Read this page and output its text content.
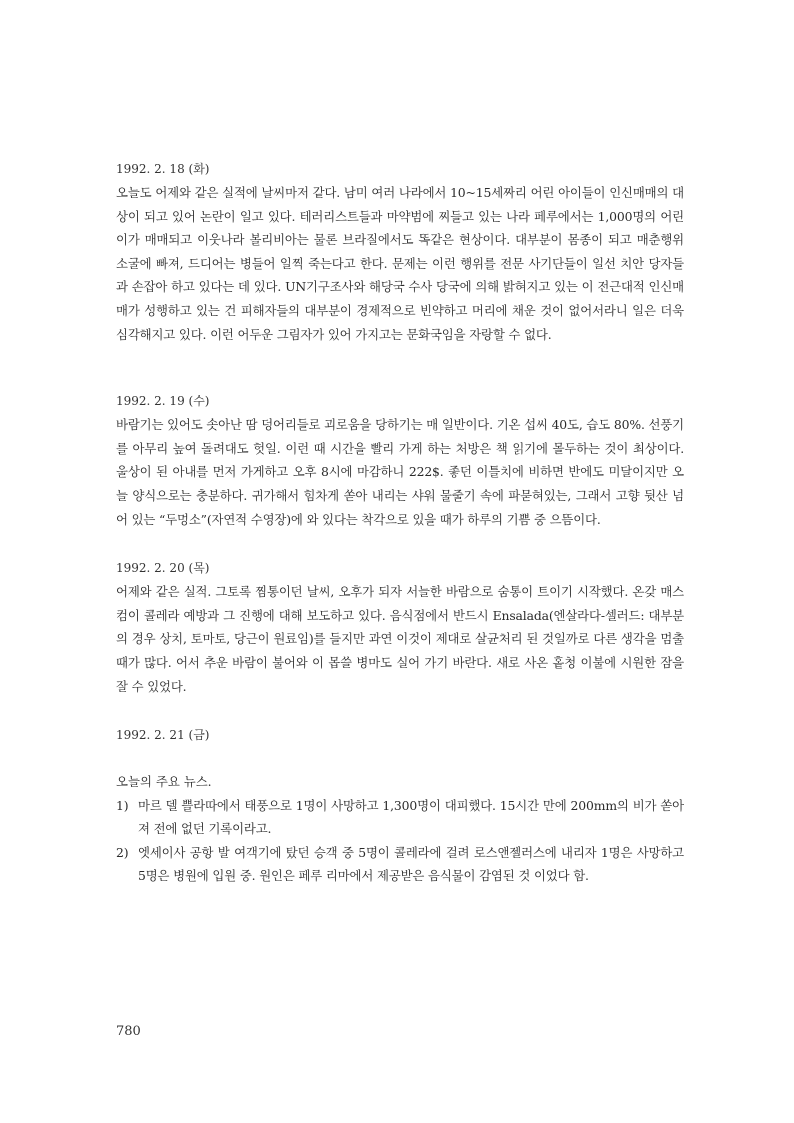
1992. 2. 18 (화)

오늘도 어제와 같은 실적에 날씨마저 같다. 남미 여러 나라에서 10~15세짜리 어린 아이들이 인신매매의 대상이 되고 있어 논란이 일고 있다. 테러리스트들과 마약범에 찌들고 있는 나라 페루에서는 1,000명의 어린이가 매매되고 이웃나라 볼리비아는 물론 브라질에서도 똑같은 현상이다. 대부분이 몸종이 되고 매춘행위 소굴에 빠져, 드디어는 병들어 일찍 죽는다고 한다. 문제는 이런 행위를 전문 사기단들이 일선 치안 당자들과 손잡아 하고 있다는 데 있다. UN기구조사와 해당국 수사 당국에 의해 밝혀지고 있는 이 전근대적 인신매매가 성행하고 있는 건 피해자들의 대부분이 경제적으로 빈약하고 머리에 채운 것이 없어서라니 일은 더욱 심각해지고 있다. 이런 어두운 그림자가 있어 가지고는 문화국임을 자랑할 수 없다.

1992. 2. 19 (수)

바람기는 있어도 솟아난 땀 덩어리들로 괴로움을 당하기는 매 일반이다. 기온 섭씨 40도, 습도 80%. 선풍기를 아무리 높여 돌려대도 헛일. 이런 때 시간을 빨리 가게 하는 처방은 책 읽기에 몰두하는 것이 최상이다. 울상이 된 아내를 먼저 가게하고 오후 8시에 마감하니 222$. 좋던 이틀치에 비하면 반에도 미달이지만 오늘 양식으로는 충분하다. 귀가해서 힘차게 쏟아 내리는 샤워 물줄기 속에 파묻혀있는, 그래서 고향 뒷산 넘어 있는 “두멍소”(자연적 수영장)에 와 있다는 착각으로 있을 때가 하루의 기쁨 중 으뜸이다.

1992. 2. 20 (목)

어제와 같은 실적. 그토록 찜통이던 날씨, 오후가 되자 서늘한 바람으로 숨통이 트이기 시작했다. 온갖 매스컴이 콜레라 예방과 그 진행에 대해 보도하고 있다. 음식점에서 반드시 Ensalada(엔살라다-셀러드: 대부분의 경우 상치, 토마토, 당근이 원료임)를 들지만 과연 이것이 제대로 살균처리 된 것일까로 다른 생각을 멈출 때가 많다. 어서 추운 바람이 불어와 이 몹쓸 병마도 실어 가기 바란다. 새로 사온 홑청 이불에 시원한 잠을 잘 수 있었다.

1992. 2. 21 (금)

오늘의 주요 뉴스.

1) 마르 델 쁠라따에서 태풍으로 1명이 사망하고 1,300명이 대피했다. 15시간 만에 200mm의 비가 쏟아져 전에 없던 기록이라고.
2) 엣세이사 공항 발 여객기에 탔던 승객 중 5명이 콜레라에 걸려 로스앤젤러스에 내리자 1명은 사망하고 5명은 병원에 입원 중. 원인은 페루 리마에서 제공받은 음식물이 감염된 것 이었다 함.
780
